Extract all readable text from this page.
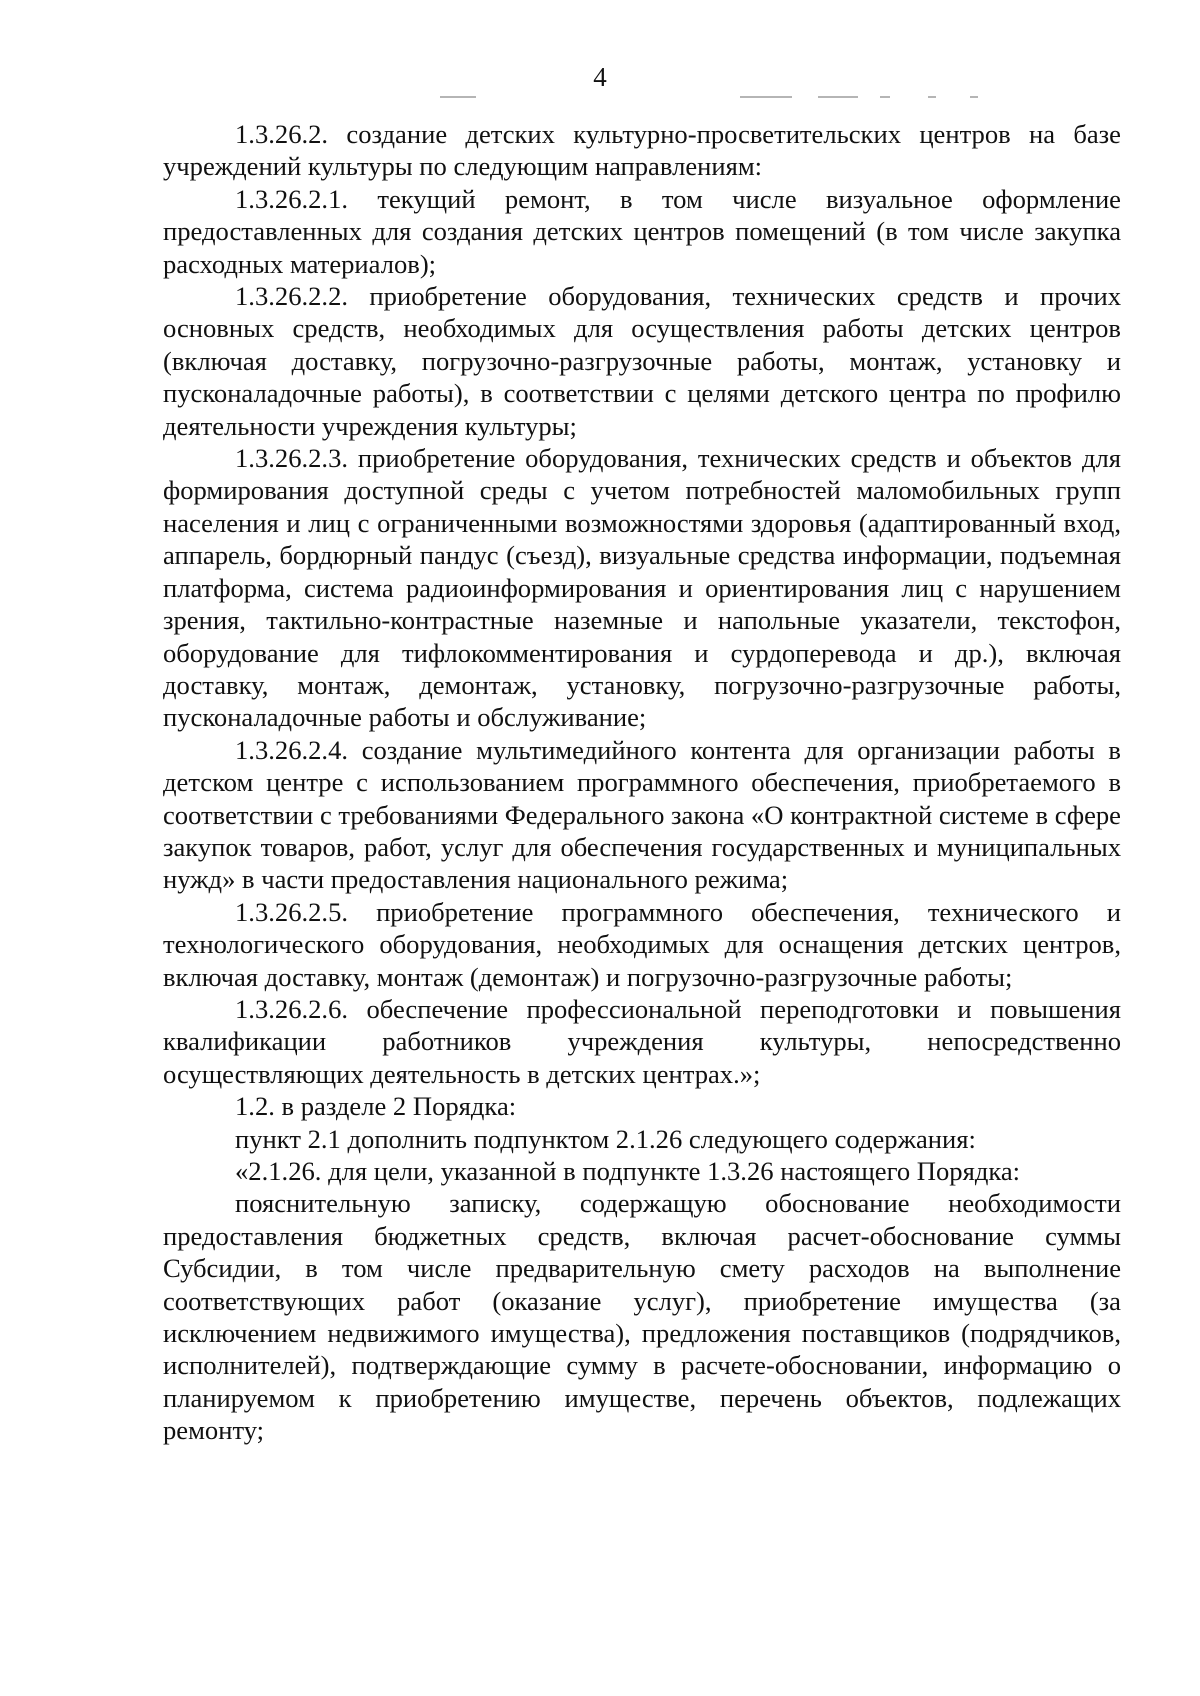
4

1.3.26.2. создание детских культурно-просветительских центров на базе учреждений культуры по следующим направлениям:

1.3.26.2.1. текущий ремонт, в том числе визуальное оформление предоставленных для создания детских центров помещений (в том числе закупка расходных материалов);

1.3.26.2.2. приобретение оборудования, технических средств и прочих основных средств, необходимых для осуществления работы детских центров (включая доставку, погрузочно-разгрузочные работы, монтаж, установку и пусконаладочные работы), в соответствии с целями детского центра по профилю деятельности учреждения культуры;

1.3.26.2.3. приобретение оборудования, технических средств и объектов для формирования доступной среды с учетом потребностей маломобильных групп населения и лиц с ограниченными возможностями здоровья (адаптированный вход, аппарель, бордюрный пандус (съезд), визуальные средства информации, подъемная платформа, система радиоинформирования и ориентирования лиц с нарушением зрения, тактильно-контрастные наземные и напольные указатели, текстофон, оборудование для тифлокомментирования и сурдоперевода и др.), включая доставку, монтаж, демонтаж, установку, погрузочно-разгрузочные работы, пусконаладочные работы и обслуживание;

1.3.26.2.4. создание мультимедийного контента для организации работы в детском центре с использованием программного обеспечения, приобретаемого в соответствии с требованиями Федерального закона «О контрактной системе в сфере закупок товаров, работ, услуг для обеспечения государственных и муниципальных нужд» в части предоставления национального режима;

1.3.26.2.5. приобретение программного обеспечения, технического и технологического оборудования, необходимых для оснащения детских центров, включая доставку, монтаж (демонтаж) и погрузочно-разгрузочные работы;

1.3.26.2.6. обеспечение профессиональной переподготовки и повышения квалификации работников учреждения культуры, непосредственно осуществляющих деятельность в детских центрах.»;

1.2. в разделе 2 Порядка:

пункт 2.1 дополнить подпунктом 2.1.26 следующего содержания:

«2.1.26. для цели, указанной в подпункте 1.3.26 настоящего Порядка:

пояснительную записку, содержащую обоснование необходимости предоставления бюджетных средств, включая расчет-обоснование суммы Субсидии, в том числе предварительную смету расходов на выполнение соответствующих работ (оказание услуг), приобретение имущества (за исключением недвижимого имущества), предложения поставщиков (подрядчиков, исполнителей), подтверждающие сумму в расчете-обосновании, информацию о планируемом к приобретению имуществе, перечень объектов, подлежащих ремонту;
